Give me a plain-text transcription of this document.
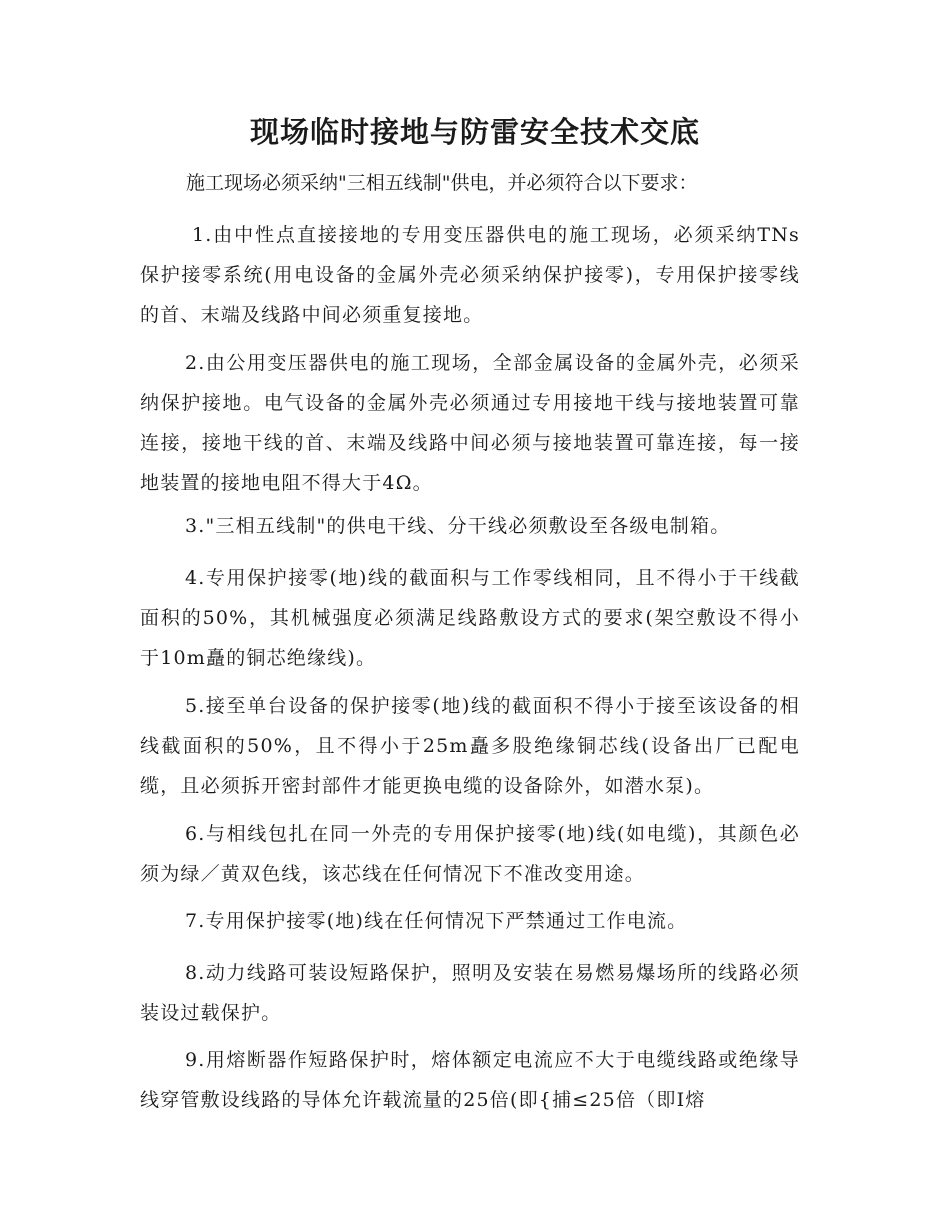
现场临时接地与防雷安全技术交底

施工现场必须采纳"三相五线制"供电，并必须符合以下要求：

1.由中性点直接接地的专用变压器供电的施工现场，必须采纳TNs保护接零系统(用电设备的金属外壳必须采纳保护接零)，专用保护接零线的首、末端及线路中间必须重复接地。

2.由公用变压器供电的施工现场，全部金属设备的金属外壳，必须采纳保护接地。电气设备的金属外壳必须通过专用接地干线与接地装置可靠连接，接地干线的首、末端及线路中间必须与接地装置可靠连接，每一接地装置的接地电阻不得大于4Ω。

3."三相五线制"的供电干线、分干线必须敷设至各级电制箱。

4.专用保护接零(地)线的截面积与工作零线相同，且不得小于干线截面积的50%，其机械强度必须满足线路敷设方式的要求(架空敷设不得小于10m矗的铜芯绝缘线)。

5.接至单台设备的保护接零(地)线的截面积不得小于接至该设备的相线截面积的50%，且不得小于25m矗多股绝缘铜芯线(设备出厂已配电缆，且必须拆开密封部件才能更换电缆的设备除外，如潜水泵)。

6.与相线包扎在同一外壳的专用保护接零(地)线(如电缆)，其颜色必须为绿／黄双色线，该芯线在任何情况下不准改变用途。

7.专用保护接零(地)线在任何情况下严禁通过工作电流。

8.动力线路可装设短路保护，照明及安装在易燃易爆场所的线路必须装设过载保护。

9.用熔断器作短路保护时，熔体额定电流应不大于电缆线路或绝缘导线穿管敷设线路的导体允许载流量的25倍(即{捕≤25倍（即I熔
